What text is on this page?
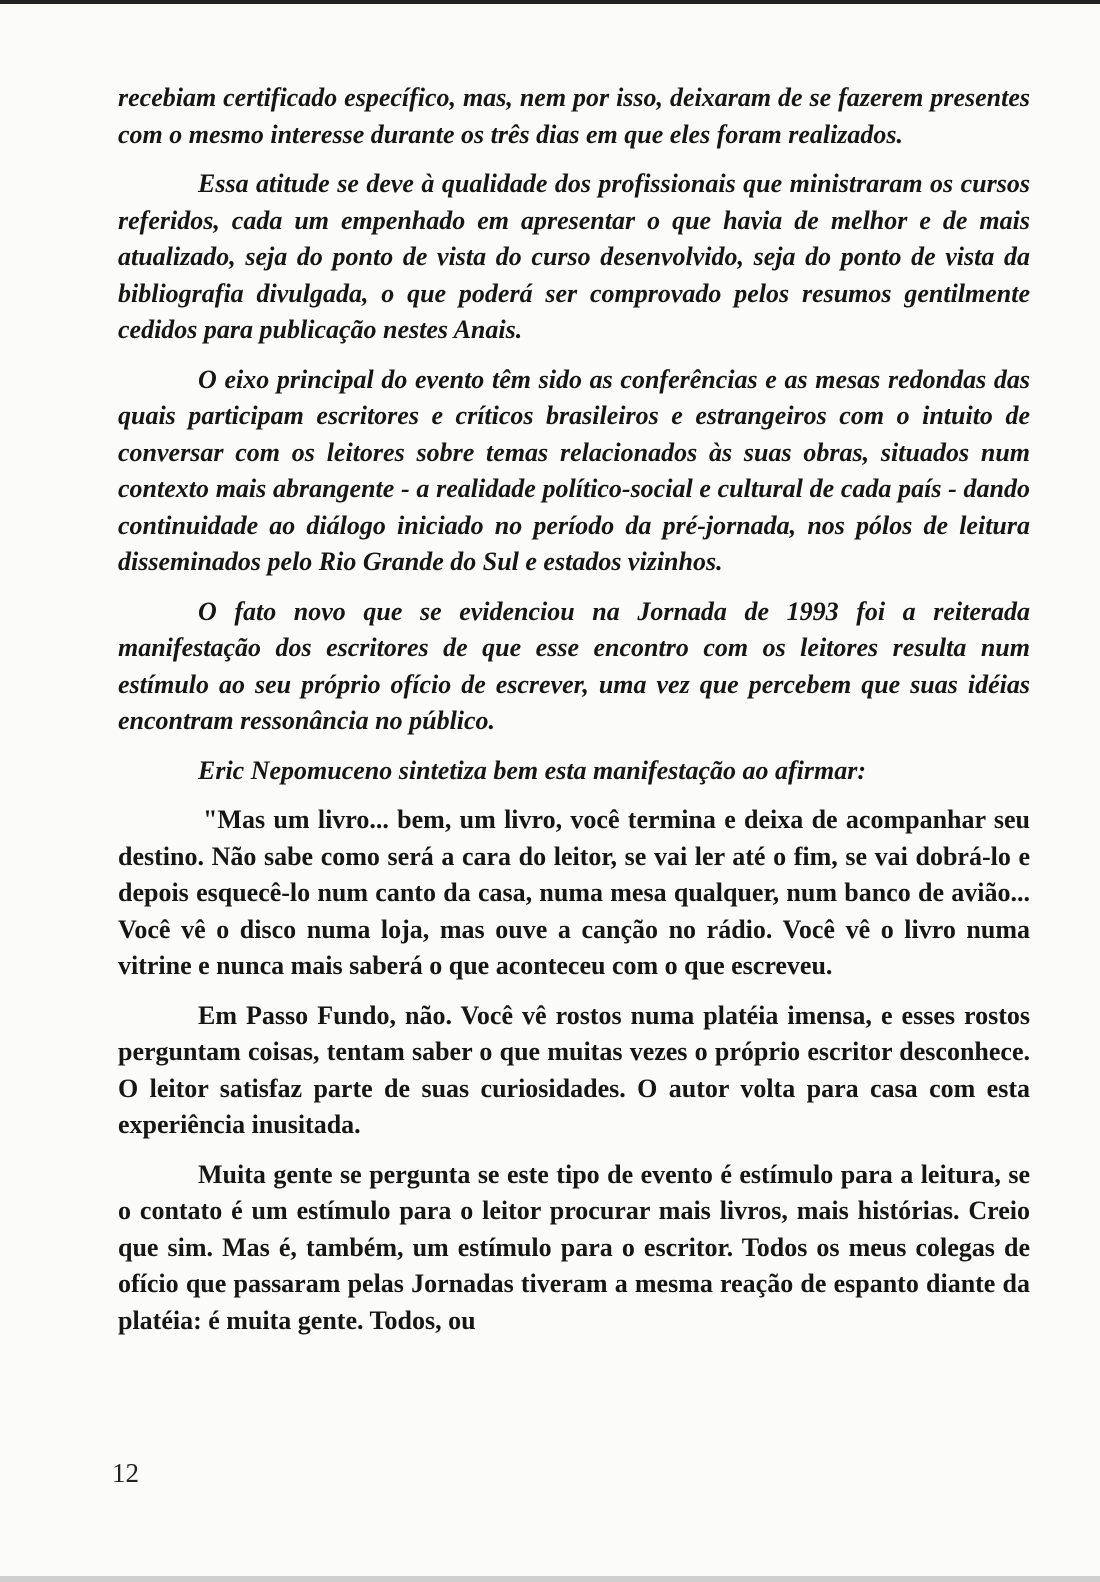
recebiam certificado específico, mas, nem por isso, deixaram de se fazerem presentes com o mesmo interesse durante os três dias em que eles foram realizados.

Essa atitude se deve à qualidade dos profissionais que ministraram os cursos referidos, cada um empenhado em apresentar o que havia de melhor e de mais atualizado, seja do ponto de vista do curso desenvolvido, seja do ponto de vista da bibliografia divulgada, o que poderá ser comprovado pelos resumos gentilmente cedidos para publicação nestes Anais.

O eixo principal do evento têm sido as conferências e as mesas redondas das quais participam escritores e críticos brasileiros e estrangeiros com o intuito de conversar com os leitores sobre temas relacionados às suas obras, situados num contexto mais abrangente - a realidade político-social e cultural de cada país - dando continuidade ao diálogo iniciado no período da pré-jornada, nos pólos de leitura disseminados pelo Rio Grande do Sul e estados vizinhos.

O fato novo que se evidenciou na Jornada de 1993 foi a reiterada manifestação dos escritores de que esse encontro com os leitores resulta num estímulo ao seu próprio ofício de escrever, uma vez que percebem que suas idéias encontram ressonância no público.

Eric Nepomuceno sintetiza bem esta manifestação ao afirmar:

"Mas um livro... bem, um livro, você termina e deixa de acompanhar seu destino. Não sabe como será a cara do leitor, se vai ler até o fim, se vai dobrá-lo e depois esquecê-lo num canto da casa, numa mesa qualquer, num banco de avião... Você vê o disco numa loja, mas ouve a canção no rádio. Você vê o livro numa vitrine e nunca mais saberá o que aconteceu com o que escreveu.

Em Passo Fundo, não. Você vê rostos numa platéia imensa, e esses rostos perguntam coisas, tentam saber o que muitas vezes o próprio escritor desconhece. O leitor satisfaz parte de suas curiosidades. O autor volta para casa com esta experiência inusitada.

Muita gente se pergunta se este tipo de evento é estímulo para a leitura, se o contato é um estímulo para o leitor procurar mais livros, mais histórias. Creio que sim. Mas é, também, um estímulo para o escritor. Todos os meus colegas de ofício que passaram pelas Jornadas tiveram a mesma reação de espanto diante da platéia: é muita gente. Todos, ou

12
